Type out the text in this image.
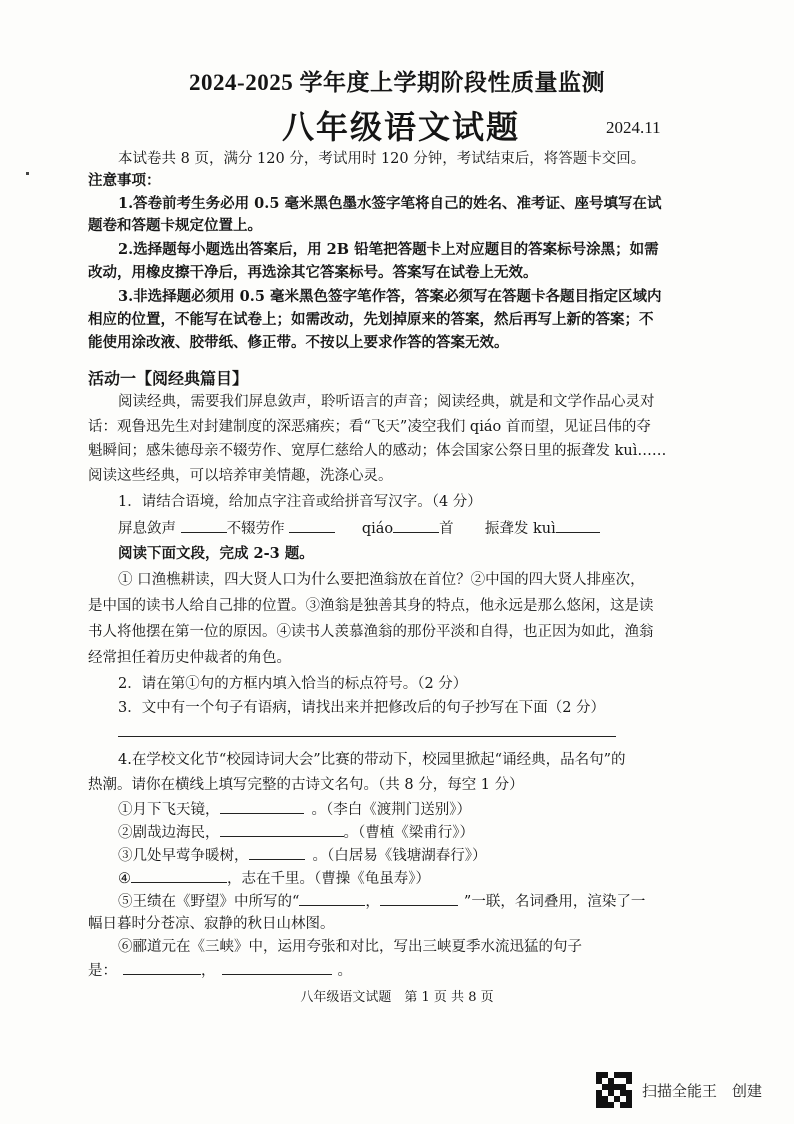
2024-2025 学年度上学期阶段性质量监测
八年级语文试题	2024.11
本试卷共 8 页，满分 120 分，考试用时 120 分钟，考试结束后，将答题卡交回。
注意事项：
1.答卷前考生务必用 0.5 毫米黑色墨水签字笔将自己的姓名、准考证、座号填写在试
题卷和答题卡规定位置上。
2.选择题每小题选出答案后，用 2B 铅笔把答题卡上对应题目的答案标号涂黑；如需
改动，用橡皮擦干净后，再选涂其它答案标号。答案写在试卷上无效。
3.非选择题必须用 0.5 毫米黑色签字笔作答，答案必须写在答题卡各题目指定区域内
相应的位置，不能写在试卷上；如需改动，先划掉原来的答案，然后再写上新的答案；不
能使用涂改液、胶带纸、修正带。不按以上要求作答的答案无效。
活动一【阅经典篇目】
阅读经典，需要我们屏息敛声，聆听语言的声音；阅读经典，就是和文学作品心灵对
话：观鲁迅先生对封建制度的深恶痛疾；看“飞天”凌空我们 qiáo 首而望，见证吕伟的夺
魁瞬间；感朱德母亲不辍劳作、宽厚仁慈给人的感动；体会国家公祭日里的振聋发 kuì……
阅读这些经典，可以培养审美情趣，洗涤心灵。
1．请结合语境，给加点字注音或给拼音写汉字。（4 分）
屏息敛声	不辍劳作	qiáo	首 振聋发 kuì
阅读下面文段，完成 2-3 题。
① 口渔樵耕读，四大贤人口为什么要把渔翁放在首位？②中国的四大贤人排座次，
是中国的读书人给自己排的位置。③渔翁是独善其身的特点，他永远是那么悠闲，这是读
书人将他摆在第一位的原因。④读书人羡慕渔翁的那份平淡和自得，也正因为如此，渔翁
经常担任着历史仲裁者的角色。
2．请在第①句的方框内填入恰当的标点符号。（2 分）
3．文中有一个句子有语病，请找出来并把修改后的句子抄写在下面（2 分）
4.在学校文化节“校园诗词大会”比赛的带动下，校园里掀起“诵经典，品名句”的
热潮。请你在横线上填写完整的古诗文名句。（共 8 分，每空 1 分）
①月下飞天镜，	。（李白《渡荆门送别》）
②剧哉边海民，	。（曹植《梁甫行》）
③几处早莺争暖树，	。（白居易《钱塘湖春行》）
④	，志在千里。（曹操《龟虽寿》）
⑤王绩在《野望》中所写的“	，	”一联，名词叠用，渲染了一
幅日暮时分苍凉、寂静的秋日山林图。
⑥郦道元在《三峡》中，运用夸张和对比，写出三峡夏季水流迅猛的句子
是：	，	。
八年级语文试题　第 1 页 共 8 页
扫描全能王　创建
